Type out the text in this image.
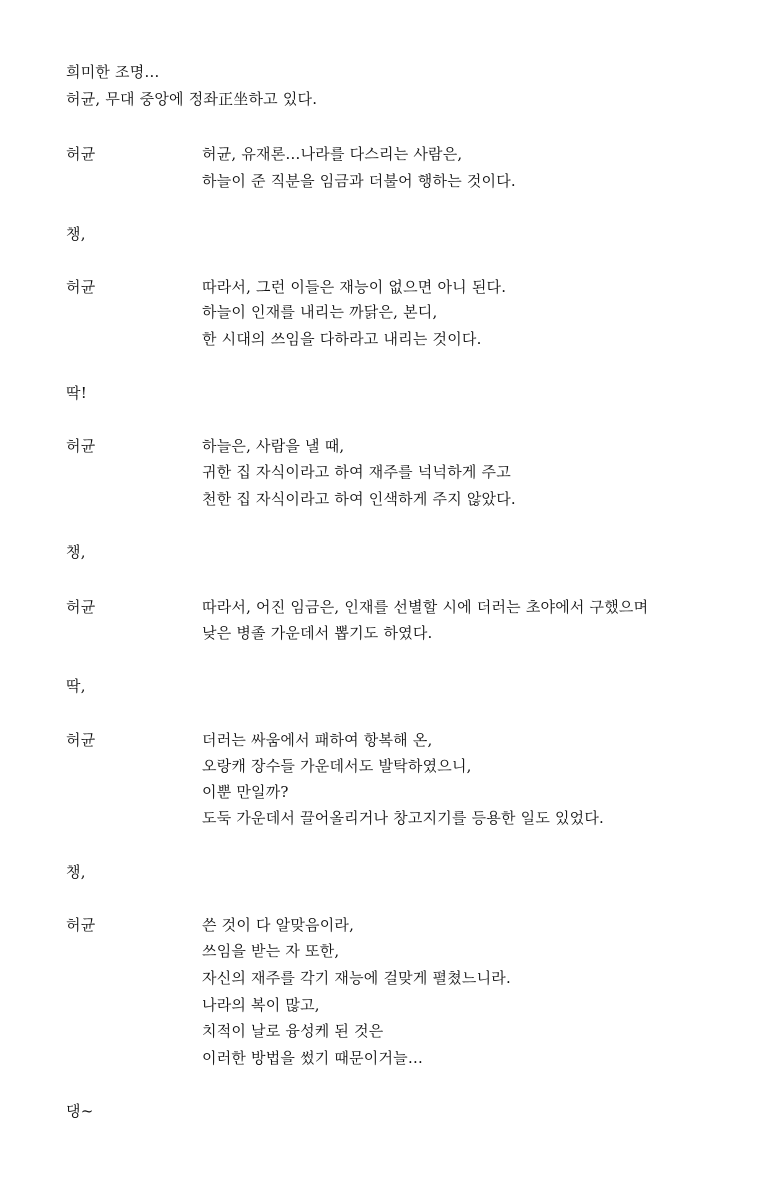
희미한 조명…
허균, 무대 중앙에 정좌正坐하고 있다.
허균	허균, 유재론…나라를 다스리는 사람은,
하늘이 준 직분을 임금과 더불어 행하는 것이다.
챙,
허균	따라서, 그런 이들은 재능이 없으면 아니 된다.
하늘이 인재를 내리는 까닭은, 본디,
한 시대의 쓰임을 다하라고 내리는 것이다.
딱!
허균	하늘은, 사람을 낼 때,
귀한 집 자식이라고 하여 재주를 넉넉하게 주고
천한 집 자식이라고 하여 인색하게 주지 않았다.
챙,
허균	따라서, 어진 임금은, 인재를 선별할 시에 더러는 초야에서 구했으며
낮은 병졸 가운데서 뽑기도 하였다.
딱,
허균	더러는 싸움에서 패하여 항복해 온,
오랑캐 장수들 가운데서도 발탁하였으니,
이뿐 만일까?
도둑 가운데서 끌어올리거나 창고지기를 등용한 일도 있었다.
챙,
허균	쓴 것이 다 알맞음이라,
쓰임을 받는 자 또한,
자신의 재주를 각기 재능에 걸맞게 펼쳤느니라.
나라의 복이 많고,
치적이 날로 융성케 된 것은
이러한 방법을 썼기 때문이거늘…
댕~
